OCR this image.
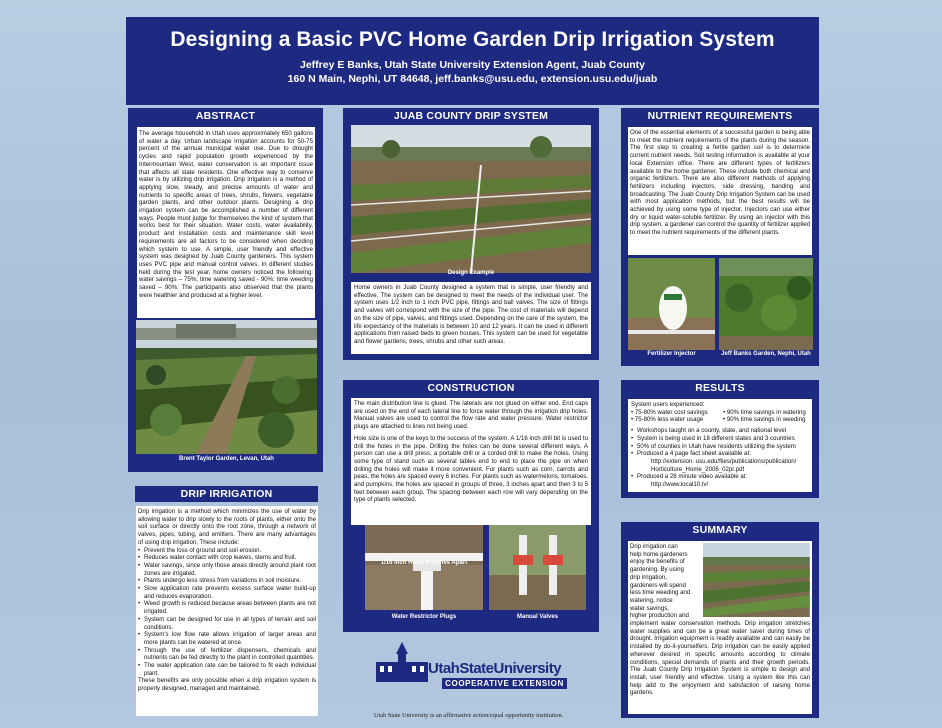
Designing a Basic PVC Home Garden Drip Irrigation System
Jeffrey E Banks, Utah State University Extension Agent, Juab County
160 N Main, Nephi, UT 84648, jeff.banks@usu.edu, extension.usu.edu/juab
ABSTRACT
The average household in Utah uses approximately 650 gallons of water a day. Urban landscape irrigation accounts for 50-75 percent of the annual municipal water use. Due to drought cycles and rapid population growth experienced by the Intermountain West, water conservation is an important issue that affects all state residents. One effective way to conserve water is by utilizing drip irrigation. Drip irrigation is a method of applying slow, steady, and precise amounts of water and nutrients to specific areas of trees, shrubs, flowers, vegetable garden plants, and other outdoor plants. Designing a drip irrigation system can be accomplished a number of different ways. People must judge for themselves the kind of system that works best for their situation. Water costs, water availability, product and installation costs and maintenance skill level requirements are all factors to be considered when deciding which system to use. A simple, user friendly and effective system was designed by Juab County gardeners. This system uses PVC pipe and manual control valves. In different studies held during the test year, home owners noticed the following: water savings – 75%; time watering saved - 90%; time weeding saved – 90%. The participants also observed that the plants were healthier and produced at a higher level.
Brent Taylor Garden, Levan, Utah
DRIP IRRIGATION
Drip irrigation is a method which minimizes the use of water by allowing water to drip slowly to the roots of plants, either onto the soil surface or directly onto the root zone, through a network of valves, pipes, tubing, and emitters. There are many advantages of using drip irrigation. These include:
• Prevent the loss of ground and soil erosion.
• Reduces water contact with crop leaves, stems and fruit.
• Water savings, since only those areas directly around plant root zones are irrigated.
• Plants undergo less stress from variations in soil moisture.
• Slow application rate prevents excess surface water build-up and reduces evaporation.
• Weed growth is reduced because areas between plants are not irrigated.
• System can be designed for use in all types of terrain and soil conditions.
• System's low flow rate allows irrigation of larger areas and more plants can be watered at once.
• Through the use of fertilizer dispensers, chemicals and nutrients can be fed directly to the plant in controlled quantities.
• The water application rate can be tailored to fit each individual plant.
These benefits are only possible when a drip irrigation system is properly designed, managed and maintained.
JUAB COUNTY DRIP SYSTEM
Design Example
Home owners in Juab County designed a system that is simple, user friendly and effective. The system can be designed to meet the needs of the individual user. The system uses 1/2 inch to 1 inch PVC pipe, fittings and ball valves. The size of fittings and valves will correspond with the size of the pipe. The cost of materials will depend on the size of pipe, valves, and fittings used. Depending on the care of the system, the life expectancy of the materials is between 10 and 12 years. It can be used in different applications from raised beds to green houses. This system can be used for vegetable and flower gardens, trees, shrubs and other such areas.
CONSTRUCTION
The main distribution line is glued. The laterals are not glued on either end. End caps are used on the end of each lateral line to force water through the irrigation drip holes. Manual valves are used to control the flow rate and water pressure. Water restrictor plugs are attached to lines not being used.
Hole size is one of the keys to the success of the system. A 1/16 inch drill bit is used to drill the holes in the pipe. Drilling the holes can be done several different ways. A person can use a drill press, a portable drill or a corded drill to make the holes. Using some type of stand such as several tables end to end to place the pipe on when drilling the holes will make it more convenient. For plants such as corn, carrots and peas, the holes are spaced every 6 inches. For plants such as watermelons, tomatoes, and pumpkins, the holes are spaced in groups of three, 3 inches apart and then 3 to 5 feet between each group. The spacing between each row will vary depending on the type of plants selected.
1/16 Inch Holes 6 Inches Apart
Water Restrictor Plugs	Manual Valves
NUTRIENT REQUIREMENTS
One of the essential elements of a successful garden is being able to meet the nutrient requirements of the plants during the season. The first step to creating a fertile garden soil is to determine current nutrient needs. Soil testing information is available at your local Extension office. There are different types of fertilizers available to the home gardener. These include both chemical and organic fertilizers. There are also different methods of applying fertilizers including injectors, side dressing, banding and broadcasting. The Juab County Drip Irrigation System can be used with most application methods, but the best results will be achieved by using some type of injector. Injectors can use either dry or liquid water-soluble fertilizer. By using an injector with this drip system, a gardener can control the quantity of fertilizer applied to meet the nutrient requirements of the different plants.
Fertilizer Injector	Jeff Banks Garden, Nephi, Utah
RESULTS
System users experienced:
• 75-80% water cost savings	• 90% time savings in watering
• 75-80% less water usage	• 90% time savings in weeding
• Workshops taught on a county, state, and national level
• System is being used in 18 different states and 3 countries
• 50% of counties in Utah have residents utilizing the system
• Produced a 4 page fact sheet available at:
http://extension. usu.edu/files/publications/publication/
Horticulture_Home_2006_02pr.pdf
• Produced a 28 minute video available at:
http://www.local10.tv/
SUMMARY
Drip irrigation can
help home gardeners
enjoy the benefits of
gardening. By using
drip irrigation,
gardeners will spend
less time weeding and
watering, notice
water savings,
higher production and
implement water conservation methods. Drip irrigation stretches water supplies and can be a great water saver during times of drought. Irrigation equipment is readily available and can easily be installed by do-it-yourselfers. Drip irrigation can be easily applied wherever desired in specific amounts according to climate conditions, special demands of plants and their growth periods. The Juab County Drip Irrigation System is simple to design and install, user friendly and effective. Using a system like this can help add to the enjoyment and satisfaction of raising home gardens.
UtahStateUniversity
COOPERATIVE EXTENSION
Utah State University is an affirmative action/equal opportunity institution.
